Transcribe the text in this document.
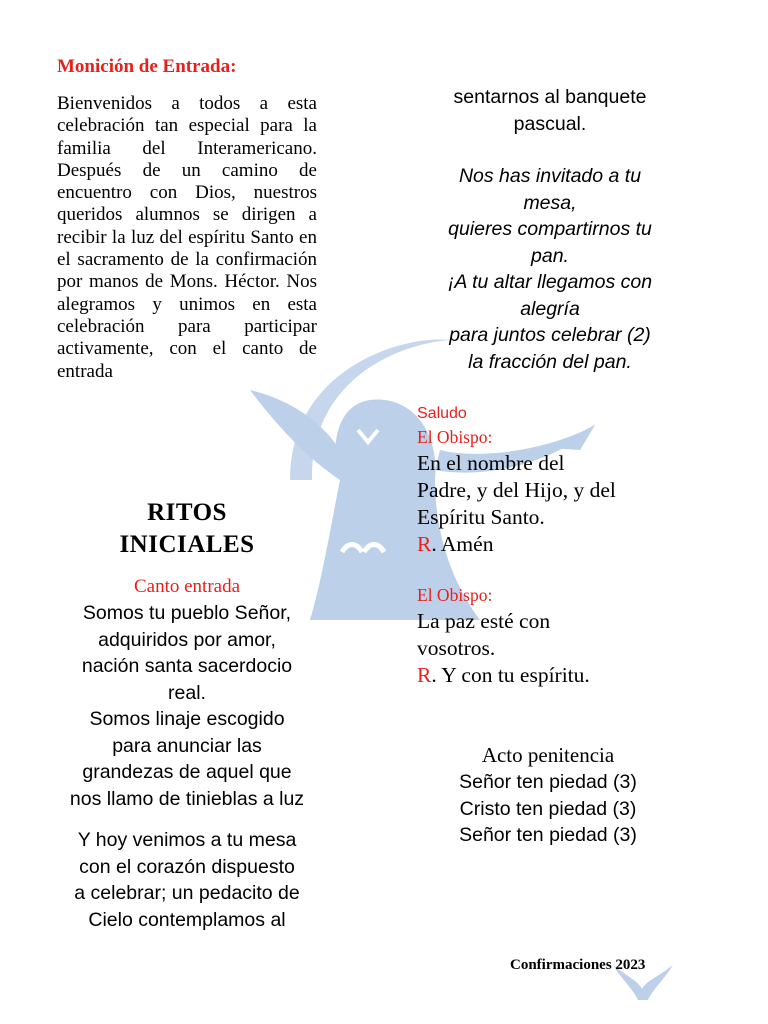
Monición de Entrada:

Bienvenidos a todos a esta celebración tan especial para la familia del Interamericano. Después de un camino de encuentro con Dios, nuestros queridos alumnos se dirigen a recibir la luz del espíritu Santo en el sacramento de la confirmación por manos de Mons. Héctor. Nos alegramos y unimos en esta celebración para participar activamente, con el canto de entrada

RITOS
INICIALES
Canto entrada
Somos tu pueblo Señor,
adquiridos por amor,
nación santa sacerdocio
real.
Somos linaje escogido
para anunciar las
grandezas de aquel que
nos llamo de tinieblas a luz
Y hoy venimos a tu mesa
con el corazón dispuesto
a celebrar; un pedacito de
Cielo contemplamos al
sentarnos al banquete
pascual.
Nos has invitado a tu
mesa,
quieres compartirnos tu
pan.
¡A tu altar llegamos con
alegría
para juntos celebrar (2)
la fracción del pan.
Saludo
El Obispo:
En el nombre del
Padre, y del Hijo, y del
Espíritu Santo.
R. Amén
El Obispo:
La paz esté con
vosotros.
R. Y con tu espíritu.
Acto penitencia
Señor ten piedad (3)
Cristo ten piedad (3)
Señor ten piedad (3)
Confirmaciones 2023
